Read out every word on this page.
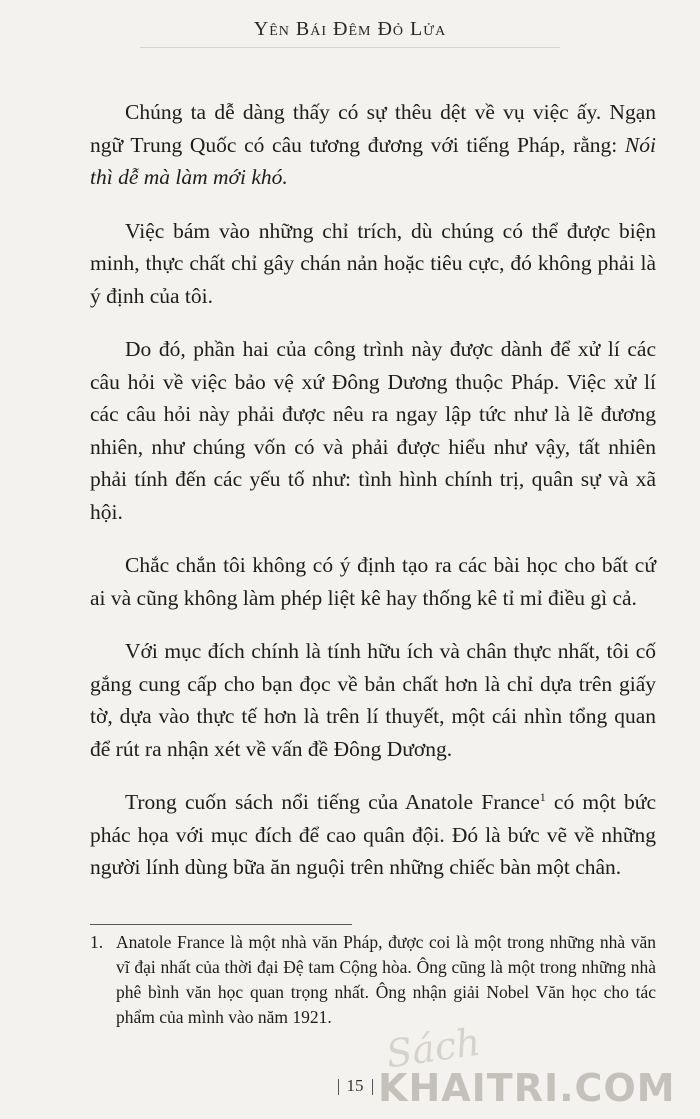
Yên Bái Đêm Đỏ Lửa

Chúng ta dễ dàng thấy có sự thêu dệt về vụ việc ấy. Ngạn ngữ Trung Quốc có câu tương đương với tiếng Pháp, rằng: Nói thì dễ mà làm mới khó.

Việc bám vào những chỉ trích, dù chúng có thể được biện minh, thực chất chỉ gây chán nản hoặc tiêu cực, đó không phải là ý định của tôi.

Do đó, phần hai của công trình này được dành để xử lí các câu hỏi về việc bảo vệ xứ Đông Dương thuộc Pháp. Việc xử lí các câu hỏi này phải được nêu ra ngay lập tức như là lẽ đương nhiên, như chúng vốn có và phải được hiểu như vậy, tất nhiên phải tính đến các yếu tố như: tình hình chính trị, quân sự và xã hội.

Chắc chắn tôi không có ý định tạo ra các bài học cho bất cứ ai và cũng không làm phép liệt kê hay thống kê tỉ mỉ điều gì cả.

Với mục đích chính là tính hữu ích và chân thực nhất, tôi cố gắng cung cấp cho bạn đọc về bản chất hơn là chỉ dựa trên giấy tờ, dựa vào thực tế hơn là trên lí thuyết, một cái nhìn tổng quan để rút ra nhận xét về vấn đề Đông Dương.

Trong cuốn sách nổi tiếng của Anatole France$^1$ có một bức phác họa với mục đích để cao quân đội. Đó là bức vẽ về những người lính dùng bữa ăn nguội trên những chiếc bàn một chân.

1. Anatole France là một nhà văn Pháp, được coi là một trong những nhà văn vĩ đại nhất của thời đại Đệ tam Cộng hòa. Ông cũng là một trong những nhà phê bình văn học quan trọng nhất. Ông nhận giải Nobel Văn học cho tác phẩm của mình vào năm 1921.
15
Sách
KHAITRI.COM
